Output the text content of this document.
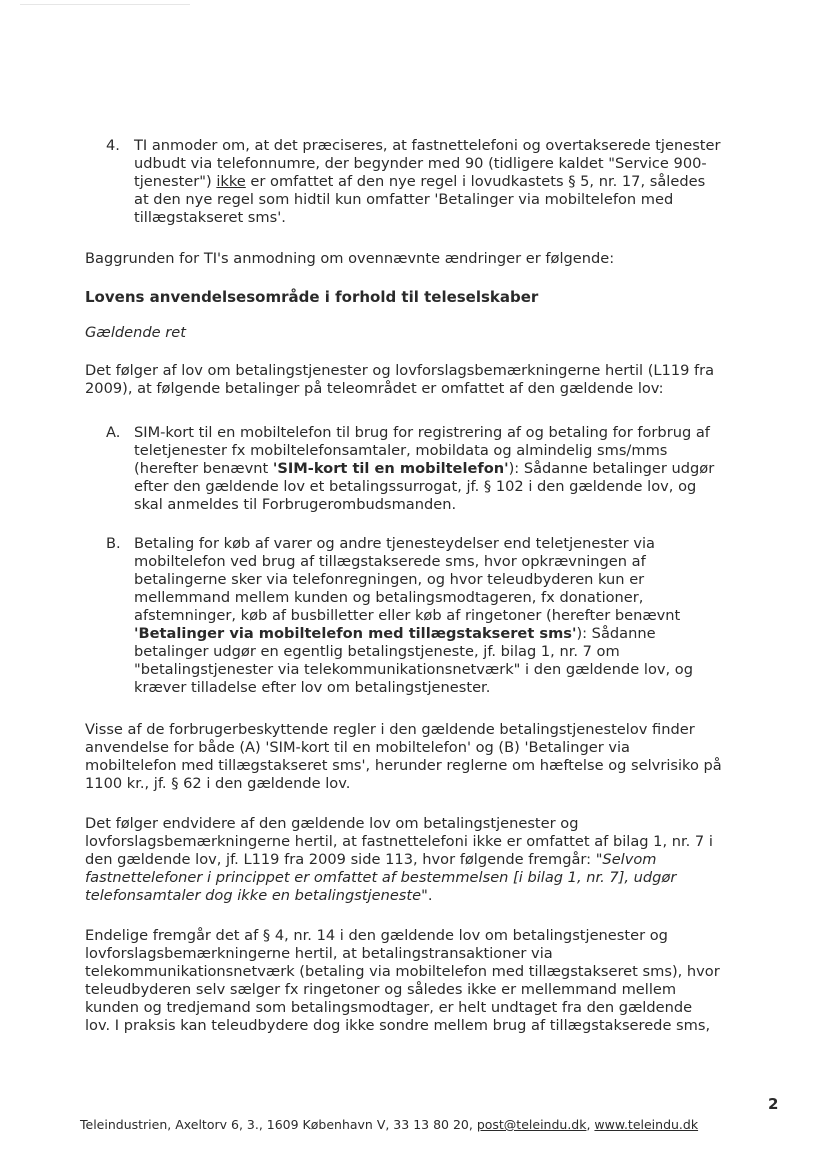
4. TI anmoder om, at det præciseres, at fastnettelefoni og overtakserede tjenester
udbudt via telefonnumre, der begynder med 90 (tidligere kaldet "Service 900-
tjenester") ikke er omfattet af den nye regel i lovudkastets § 5, nr. 17, således
at den nye regel som hidtil kun omfatter 'Betalinger via mobiltelefon med
tillægstakseret sms'.

Baggrunden for TI's anmodning om ovennævnte ændringer er følgende:

Lovens anvendelsesområde i forhold til teleselskaber

Gældende ret

Det følger af lov om betalingstjenester og lovforslagsbemærkningerne hertil (L119 fra
2009), at følgende betalinger på teleområdet er omfattet af den gældende lov:
A. SIM-kort til en mobiltelefon til brug for registrering af og betaling for forbrug af
teletjenester fx mobiltelefonsamtaler, mobildata og almindelig sms/mms
(herefter benævnt 'SIM-kort til en mobiltelefon'): Sådanne betalinger udgør
efter den gældende lov et betalingssurrogat, jf. § 102 i den gældende lov, og
skal anmeldes til Forbrugerombudsmanden.
B. Betaling for køb af varer og andre tjenesteydelser end teletjenester via
mobiltelefon ved brug af tillægstakserede sms, hvor opkrævningen af
betalingerne sker via telefonregningen, og hvor teleudbyderen kun er
mellemmand mellem kunden og betalingsmodtageren, fx donationer,
afstemninger, køb af busbilletter eller køb af ringetoner (herefter benævnt
'Betalinger via mobiltelefon med tillægstakseret sms'): Sådanne
betalinger udgør en egentlig betalingstjeneste, jf. bilag 1, nr. 7 om
"betalingstjenester via telekommunikationsnetværk" i den gældende lov, og
kræver tilladelse efter lov om betalingstjenester.
Visse af de forbrugerbeskyttende regler i den gældende betalingstjenestelov finder
anvendelse for både (A) 'SIM-kort til en mobiltelefon' og (B) 'Betalinger via
mobiltelefon med tillægstakseret sms', herunder reglerne om hæftelse og selvrisiko på
1100 kr., jf. § 62 i den gældende lov.
Det følger endvidere af den gældende lov om betalingstjenester og
lovforslagsbemærkningerne hertil, at fastnettelefoni ikke er omfattet af bilag 1, nr. 7 i
den gældende lov, jf. L119 fra 2009 side 113, hvor følgende fremgår: "Selvom
fastnettelefoner i princippet er omfattet af bestemmelsen [i bilag 1, nr. 7], udgør
telefonsamtaler dog ikke en betalingstjeneste".
Endelige fremgår det af § 4, nr. 14 i den gældende lov om betalingstjenester og
lovforslagsbemærkningerne hertil, at betalingstransaktioner via
telekommunikationsnetværk (betaling via mobiltelefon med tillægstakseret sms), hvor
teleudbyderen selv sælger fx ringetoner og således ikke er mellemmand mellem
kunden og tredjemand som betalingsmodtager, er helt undtaget fra den gældende
lov. I praksis kan teleudbydere dog ikke sondre mellem brug af tillægstakserede sms,
2
Teleindustrien, Axeltorv 6, 3., 1609 København V, 33 13 80 20, post@teleindu.dk, www.teleindu.dk
